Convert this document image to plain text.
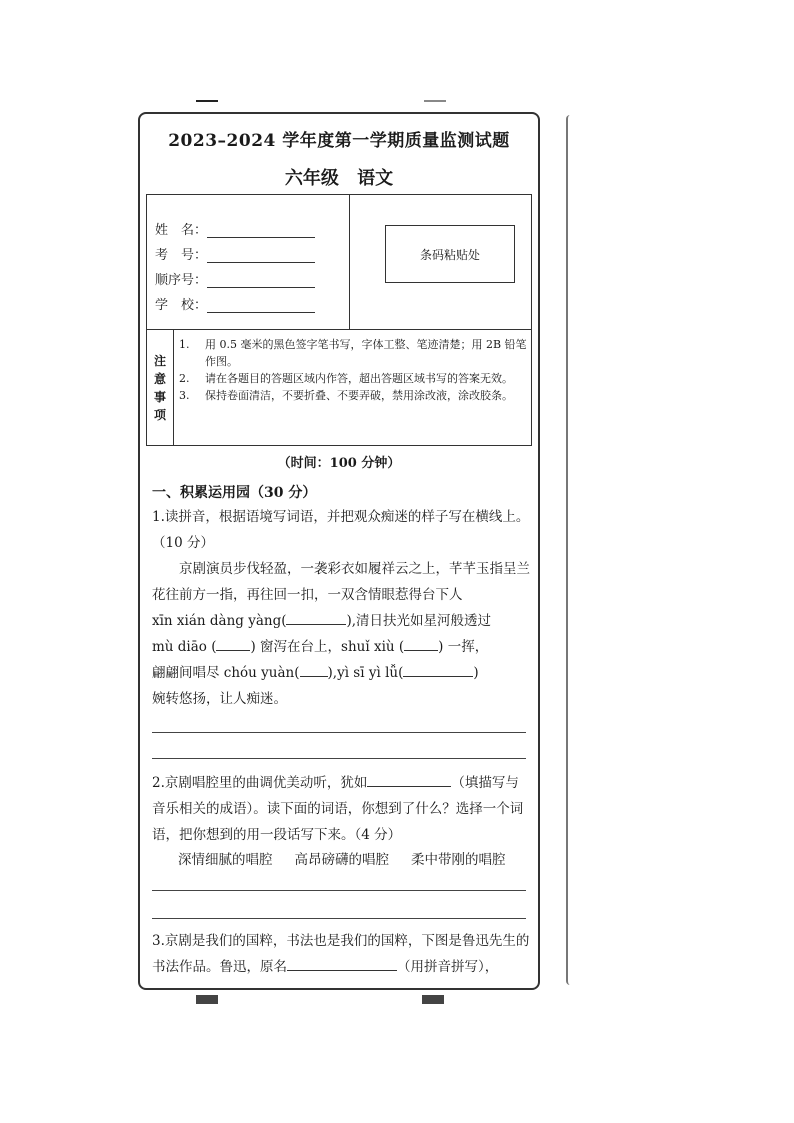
2023–2024 学年度第一学期质量监测试题
六年级 语文
姓　名：
考　号：
顺序号：
学　校：
条码粘贴处
注
意
事
项
1.	用 0.5 毫米的黑色签字笔书写，字体工整、笔迹清楚；用 2B 铅笔作图。
2.	请在各题目的答题区域内作答，超出答题区域书写的答案无效。
3.	保持卷面清洁，不要折叠、不要弄破，禁用涂改液，涂改胶条。
（时间：100 分钟）
一、积累运用园（30 分）
1.读拼音，根据语境写词语，并把观众痴迷的样子写在横线上。（10 分）
京剧演员步伐轻盈，一袭彩衣如履祥云之上，芊芊玉指呈兰花往前方一指，再往回一扣，一双含情眼惹得台下人
xīn xián dàng yàng(	),清日扶光如星河般透过
mù diāo (	) 窗泻在台上，shuǐ xiù (	) 一挥，
翩翩间唱尽 chóu yuàn( ),yì sī yì lǚ(	)
婉转悠扬，让人痴迷。
2.京剧唱腔里的曲调优美动听，犹如	（填描写与音乐相关的成语）。读下面的词语，你想到了什么？选择一个词语，把你想到的用一段话写下来。（4 分）
深情细腻的唱腔 高昂磅礴的唱腔 柔中带刚的唱腔
3.京剧是我们的国粹，书法也是我们的国粹，下图是鲁迅先生的书法作品。鲁迅，原名	（用拼音拼写），
